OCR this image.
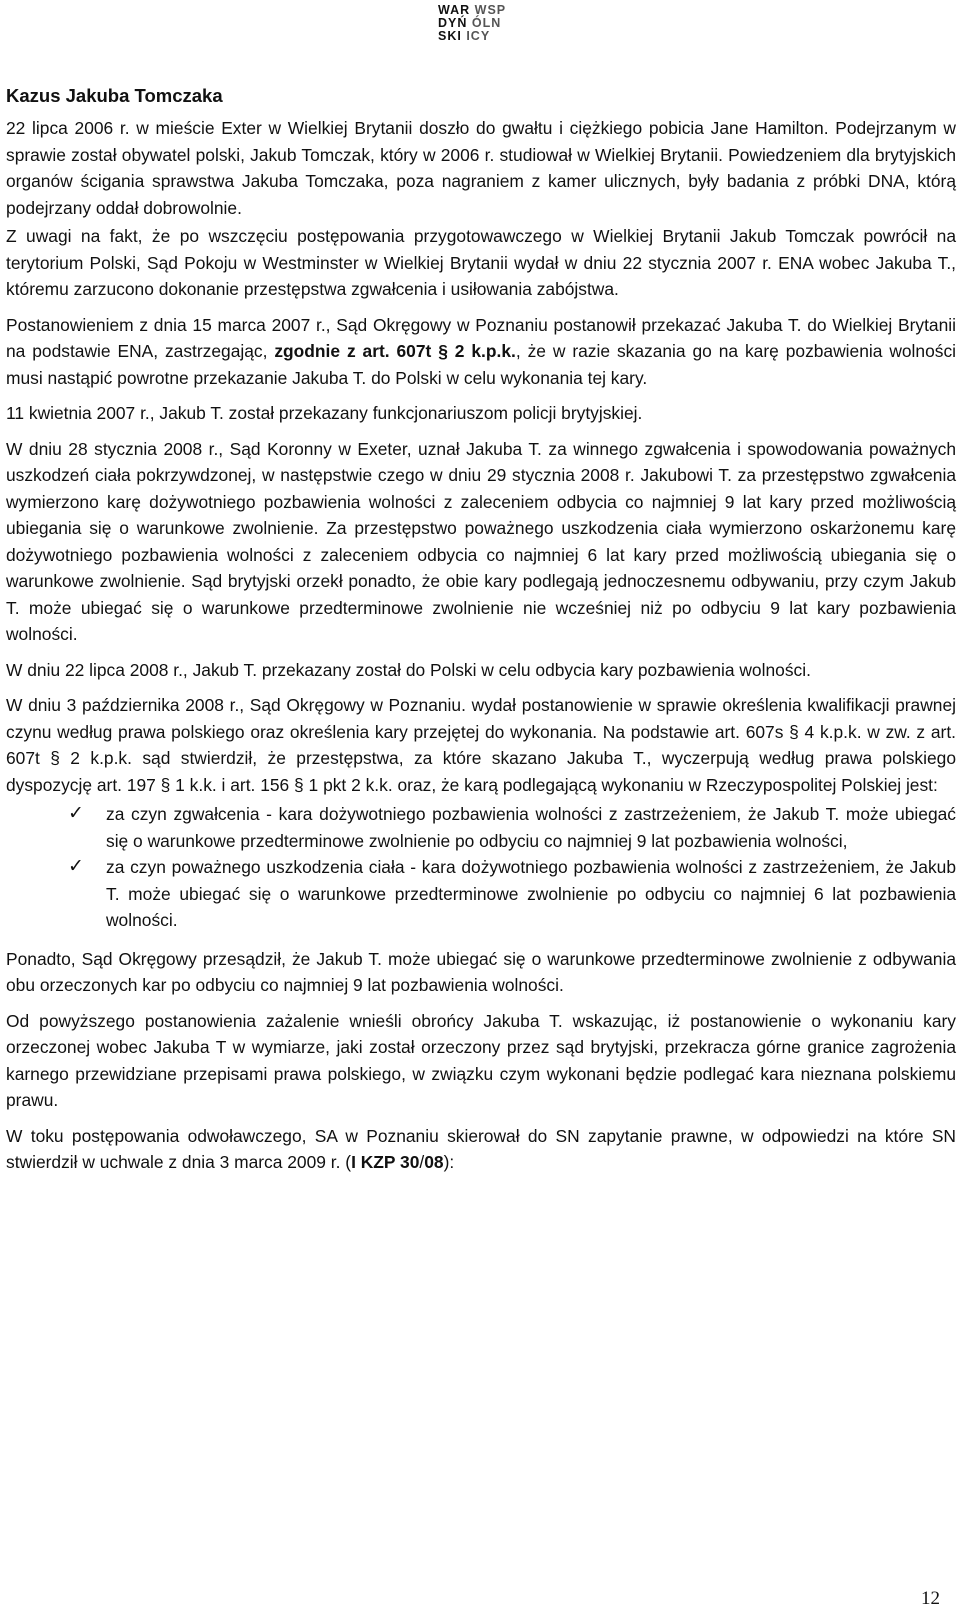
WAR WSP
DYŃ ÓLN
SKI ICY
Kazus Jakuba Tomczaka

22 lipca 2006 r. w mieście Exter w Wielkiej Brytanii doszło do gwałtu i ciężkiego pobicia Jane Hamilton. Podejrzanym w sprawie został obywatel polski, Jakub Tomczak, który w 2006 r. studiował w Wielkiej Brytanii. Powiedzeniem dla brytyjskich organów ścigania sprawstwa Jakuba Tomczaka, poza nagraniem z kamer ulicznych, były badania z próbki DNA, którą podejrzany oddał dobrowolnie.

Z uwagi na fakt, że po wszczęciu postępowania przygotowawczego w Wielkiej Brytanii Jakub Tomczak powrócił na terytorium Polski, Sąd Pokoju w Westminster w Wielkiej Brytanii wydał w dniu 22 stycznia 2007 r. ENA wobec Jakuba T., któremu zarzucono dokonanie przestępstwa zgwałcenia i usiłowania zabójstwa.

Postanowieniem z dnia 15 marca 2007 r., Sąd Okręgowy w Poznaniu postanowił przekazać Jakuba T. do Wielkiej Brytanii na podstawie ENA, zastrzegając, zgodnie z art. 607t § 2 k.p.k., że w razie skazania go na karę pozbawienia wolności musi nastąpić powrotne przekazanie Jakuba T. do Polski w celu wykonania tej kary.

11 kwietnia 2007 r., Jakub T. został przekazany funkcjonariuszom policji brytyjskiej.

W dniu 28 stycznia 2008 r., Sąd Koronny w Exeter, uznał Jakuba T. za winnego zgwałcenia i spowodowania poważnych uszkodzeń ciała pokrzywdzonej, w następstwie czego w dniu 29 stycznia 2008 r. Jakubowi T. za przestępstwo zgwałcenia wymierzono karę dożywotniego pozbawienia wolności z zaleceniem odbycia co najmniej 9 lat kary przed możliwością ubiegania się o warunkowe zwolnienie. Za przestępstwo poważnego uszkodzenia ciała wymierzono oskarżonemu karę dożywotniego pozbawienia wolności z zaleceniem odbycia co najmniej 6 lat kary przed możliwością ubiegania się o warunkowe zwolnienie. Sąd brytyjski orzekł ponadto, że obie kary podlegają jednoczesnemu odbywaniu, przy czym Jakub T. może ubiegać się o warunkowe przedterminowe zwolnienie nie wcześniej niż po odbyciu 9 lat kary pozbawienia wolności.

W dniu 22 lipca 2008 r., Jakub T. przekazany został do Polski w celu odbycia kary pozbawienia wolności.

W dniu 3 października 2008 r., Sąd Okręgowy w Poznaniu. wydał postanowienie w sprawie określenia kwalifikacji prawnej czynu według prawa polskiego oraz określenia kary przejętej do wykonania. Na podstawie art. 607s § 4 k.p.k. w zw. z art. 607t § 2 k.p.k. sąd stwierdził, że przestępstwa, za które skazano Jakuba T., wyczerpują według prawa polskiego dyspozycję art. 197 § 1 k.k. i art. 156 § 1 pkt 2 k.k. oraz, że karą podlegającą wykonaniu w Rzeczypospolitej Polskiej jest:

✓ za czyn zgwałcenia - kara dożywotniego pozbawienia wolności z zastrzeżeniem, że Jakub T. może ubiegać się o warunkowe przedterminowe zwolnienie po odbyciu co najmniej 9 lat pozbawienia wolności,
✓ za czyn poważnego uszkodzenia ciała - kara dożywotniego pozbawienia wolności z zastrzeżeniem, że Jakub T. może ubiegać się o warunkowe przedterminowe zwolnienie po odbyciu co najmniej 6 lat pozbawienia wolności.

Ponadto, Sąd Okręgowy przesądził, że Jakub T. może ubiegać się o warunkowe przedterminowe zwolnienie z odbywania obu orzeczonych kar po odbyciu co najmniej 9 lat pozbawienia wolności.

Od powyższego postanowienia zażalenie wnieśli obrońcy Jakuba T. wskazując, iż postanowienie o wykonaniu kary orzeczonej wobec Jakuba T w wymiarze, jaki został orzeczony przez sąd brytyjski, przekracza górne granice zagrożenia karnego przewidziane przepisami prawa polskiego, w związku czym wykonani będzie podlegać kara nieznana polskiemu prawu.

W toku postępowania odwoławczego, SA w Poznaniu skierował do SN zapytanie prawne, w odpowiedzi na które SN stwierdził w uchwale z dnia 3 marca 2009 r. (I KZP 30/08):

12
